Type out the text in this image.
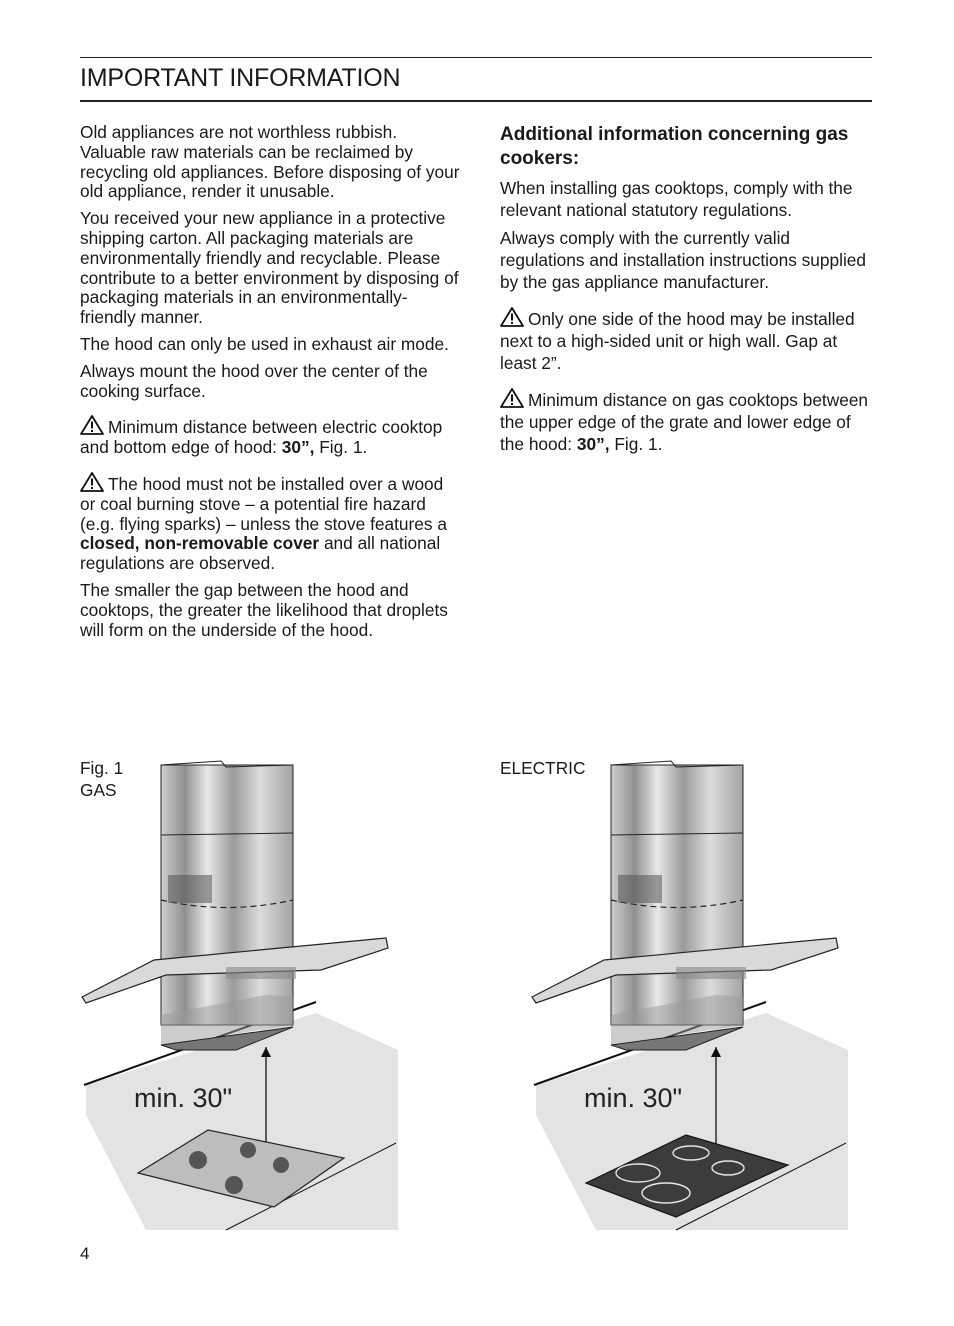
IMPORTANT INFORMATION

Old appliances are not worthless rubbish. Valuable raw materials can be reclaimed by recycling old appliances. Before disposing of your old appliance, render it unusable.

You received your new appliance in a protective shipping carton. All packaging materials are environmentally friendly and recyclable. Please contribute to a better environment by disposing of packaging materials in an environmentally-friendly manner.

The hood can only be used in exhaust air mode.

Always mount the hood over the center of the cooking surface.

Minimum distance between electric cooktop and bottom edge of hood: 30”, Fig. 1.

The hood must not be installed over a wood or coal burning stove – a potential fire hazard (e.g. flying sparks) – unless the stove features a closed, non-removable cover and all national regulations are observed.

The smaller the gap between the hood and cooktops, the greater the likelihood that droplets will form on the underside of the hood.

Additional information concerning gas cookers:

When installing gas cooktops, comply with the relevant national statutory regulations.

Always comply with the currently valid regulations and installation instructions supplied by the gas appliance manufacturer.

Only one side of the hood may be installed next to a high-sided unit or high wall. Gap at least 2”.

Minimum distance on gas cooktops between the upper edge of the grate and lower edge of the hood: 30”, Fig. 1.

Fig. 1
GAS
ELECTRIC
min. 30"	min. 30"
4
